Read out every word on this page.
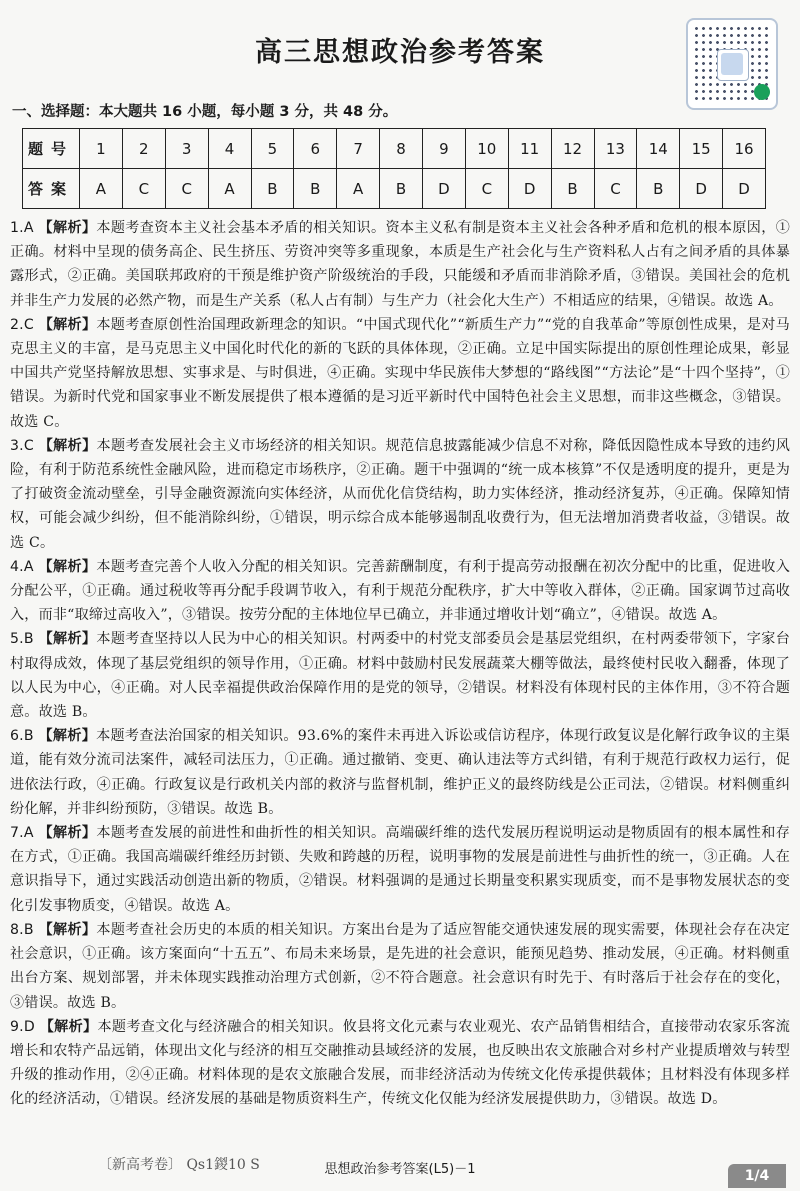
高三思想政治参考答案
一、选择题：本大题共 16 小题，每小题 3 分，共 48 分。
题号	1	2	3	4	5	6	7	8	9	10	11	12	13	14	15	16
答案	A	C	C	A	B	B	A	B	D	C	D	B	C	B	D	D

1.A 【解析】本题考查资本主义社会基本矛盾的相关知识。资本主义私有制是资本主义社会各种矛盾和危机的根本原因，①正确。材料中呈现的债务高企、民生挤压、劳资冲突等多重现象，本质是生产社会化与生产资料私人占有之间矛盾的具体暴露形式，②正确。美国联邦政府的干预是维护资产阶级统治的手段，只能缓和矛盾而非消除矛盾，③错误。美国社会的危机并非生产力发展的必然产物，而是生产关系（私人占有制）与生产力（社会化大生产）不相适应的结果，④错误。故选 A。

2.C 【解析】本题考查原创性治国理政新理念的知识。“中国式现代化”“新质生产力”“党的自我革命”等原创性成果，是对马克思主义的丰富，是马克思主义中国化时代化的新的飞跃的具体体现，②正确。立足中国实际提出的原创性理论成果，彰显中国共产党坚持解放思想、实事求是、与时俱进，④正确。实现中华民族伟大梦想的“路线图”“方法论”是“十四个坚持”，①错误。为新时代党和国家事业不断发展提供了根本遵循的是习近平新时代中国特色社会主义思想，而非这些概念，③错误。故选 C。

3.C 【解析】本题考查发展社会主义市场经济的相关知识。规范信息披露能减少信息不对称，降低因隐性成本导致的违约风险，有利于防范系统性金融风险，进而稳定市场秩序，②正确。题干中强调的“统一成本核算”不仅是透明度的提升，更是为了打破资金流动壁垒，引导金融资源流向实体经济，从而优化信贷结构，助力实体经济，推动经济复苏，④正确。保障知情权，可能会减少纠纷，但不能消除纠纷，①错误，明示综合成本能够遏制乱收费行为，但无法增加消费者收益，③错误。故选 C。

4.A 【解析】本题考查完善个人收入分配的相关知识。完善薪酬制度，有利于提高劳动报酬在初次分配中的比重，促进收入分配公平，①正确。通过税收等再分配手段调节收入，有利于规范分配秩序，扩大中等收入群体，②正确。国家调节过高收入，而非“取缔过高收入”，③错误。按劳分配的主体地位早已确立，并非通过增收计划“确立”，④错误。故选 A。

5.B 【解析】本题考查坚持以人民为中心的相关知识。村两委中的村党支部委员会是基层党组织，在村两委带领下，字家台村取得成效，体现了基层党组织的领导作用，①正确。材料中鼓励村民发展蔬菜大棚等做法，最终使村民收入翻番，体现了以人民为中心，④正确。对人民幸福提供政治保障作用的是党的领导，②错误。材料没有体现村民的主体作用，③不符合题意。故选 B。

6.B 【解析】本题考查法治国家的相关知识。93.6%的案件未再进入诉讼或信访程序，体现行政复议是化解行政争议的主渠道，能有效分流司法案件，减轻司法压力，①正确。通过撤销、变更、确认违法等方式纠错，有利于规范行政权力运行，促进依法行政，④正确。行政复议是行政机关内部的救济与监督机制，维护正义的最终防线是公正司法，②错误。材料侧重纠纷化解，并非纠纷预防，③错误。故选 B。

7.A 【解析】本题考查发展的前进性和曲折性的相关知识。高端碳纤维的迭代发展历程说明运动是物质固有的根本属性和存在方式，①正确。我国高端碳纤维经历封锁、失败和跨越的历程，说明事物的发展是前进性与曲折性的统一，③正确。人在意识指导下，通过实践活动创造出新的物质，②错误。材料强调的是通过长期量变积累实现质变，而不是事物发展状态的变化引发事物质变，④错误。故选 A。

8.B 【解析】本题考查社会历史的本质的相关知识。方案出台是为了适应智能交通快速发展的现实需要，体现社会存在决定社会意识，①正确。该方案面向“十五五”、布局未来场景，是先进的社会意识，能预见趋势、推动发展，④正确。材料侧重出台方案、规划部署，并未体现实践推动治理方式创新，②不符合题意。社会意识有时先于、有时落后于社会存在的变化，③错误。故选 B。

9.D 【解析】本题考查文化与经济融合的相关知识。攸县将文化元素与农业观光、农产品销售相结合，直接带动农家乐客流增长和农特产品远销，体现出文化与经济的相互交融推动县域经济的发展，也反映出农文旅融合对乡村产业提质增效与转型升级的推动作用，②④正确。材料体现的是农文旅融合发展，而非经济活动为传统文化传承提供载体；且材料没有体现多样化的经济活动，①错误。经济发展的基础是物质资料生产，传统文化仅能为经济发展提供助力，③错误。故选 D。

〔新高考卷〕 Qs1鍐10 S	思想政治参考答案(L5)－1	1/4
